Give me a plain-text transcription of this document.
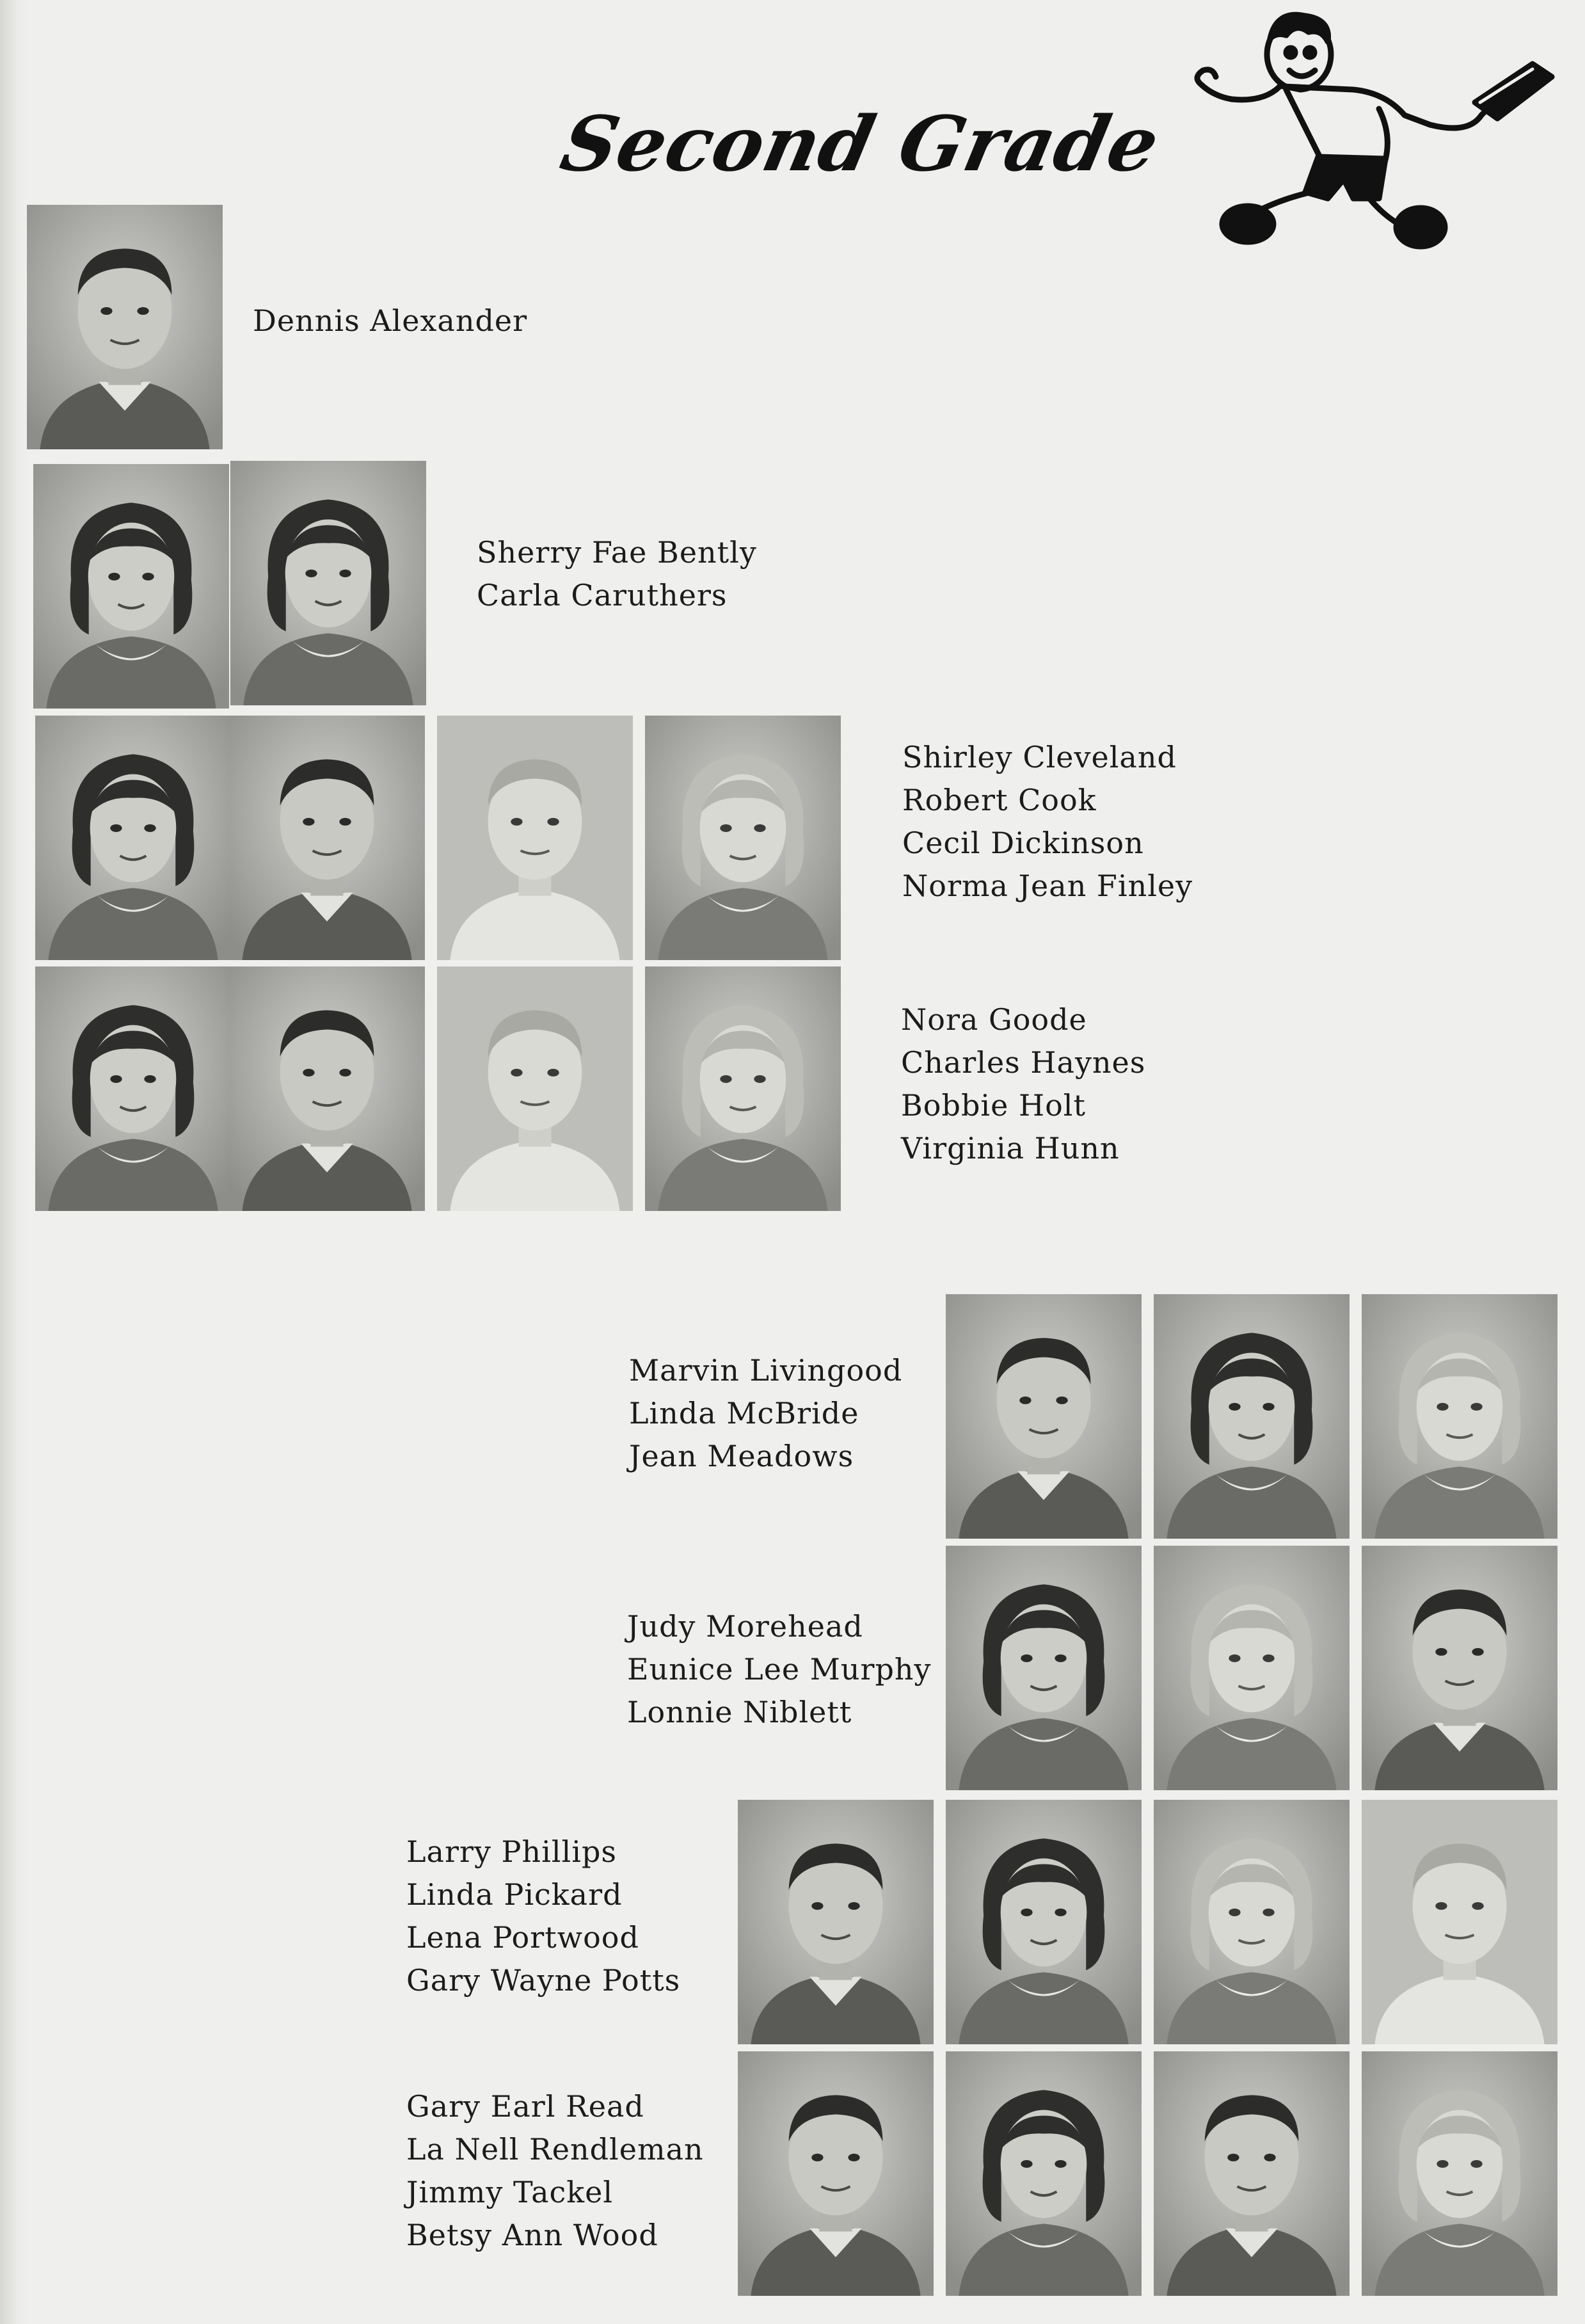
Second Grade
Dennis Alexander
Sherry Fae Bently
Carla Caruthers
Shirley Cleveland
Robert Cook
Cecil Dickinson
Norma Jean Finley
Nora Goode
Charles Haynes
Bobbie Holt
Virginia Hunn
Marvin Livingood
Linda McBride
Jean Meadows
Judy Morehead
Eunice Lee Murphy
Lonnie Niblett
Larry Phillips
Linda Pickard
Lena Portwood
Gary Wayne Potts
Gary Earl Read
La Nell Rendleman
Jimmy Tackel
Betsy Ann Wood
